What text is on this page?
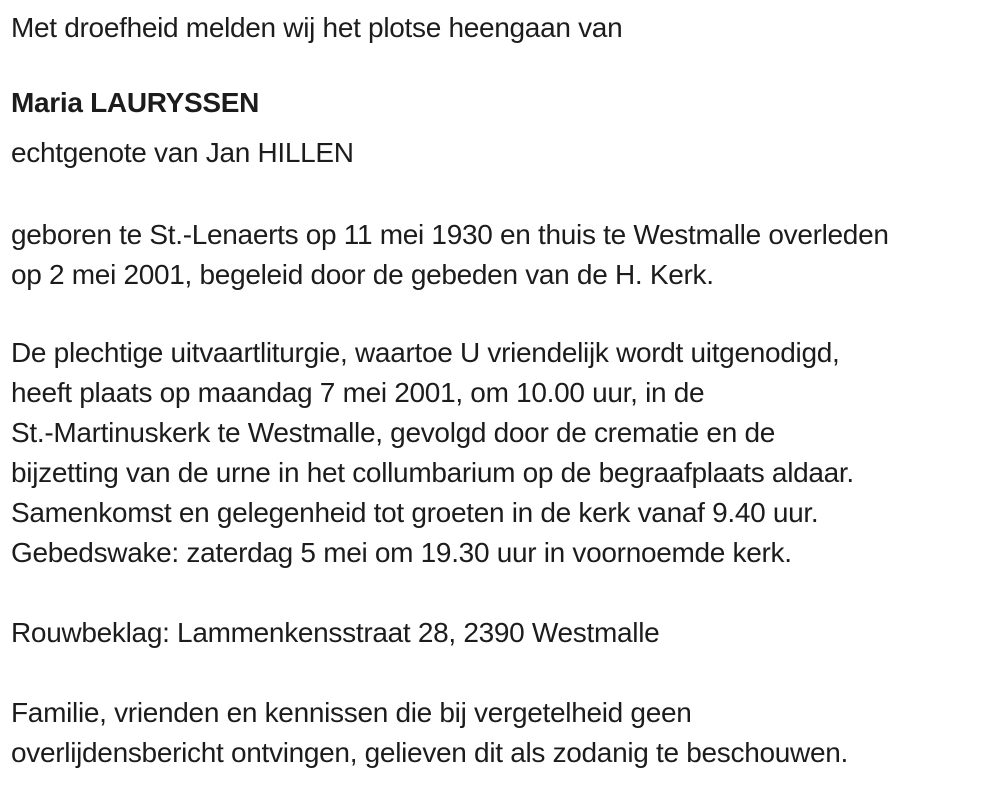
Met droefheid melden wij het plotse heengaan van

Maria LAURYSSEN

echtgenote van Jan HILLEN

geboren te St.-Lenaerts op 11 mei 1930 en thuis te Westmalle overleden
op 2 mei 2001, begeleid door de gebeden van de H. Kerk.

De plechtige uitvaartliturgie, waartoe U vriendelijk wordt uitgenodigd,
heeft plaats op maandag 7 mei 2001, om 10.00 uur, in de
St.-Martinuskerk te Westmalle, gevolgd door de crematie en de
bijzetting van de urne in het collumbarium op de begraafplaats aldaar.
Samenkomst en gelegenheid tot groeten in de kerk vanaf 9.40 uur.
Gebedswake: zaterdag 5 mei om 19.30 uur in voornoemde kerk.

Rouwbeklag: Lammenkensstraat 28, 2390 Westmalle

Familie, vrienden en kennissen die bij vergetelheid geen
overlijdensbericht ontvingen, gelieven dit als zodanig te beschouwen.
